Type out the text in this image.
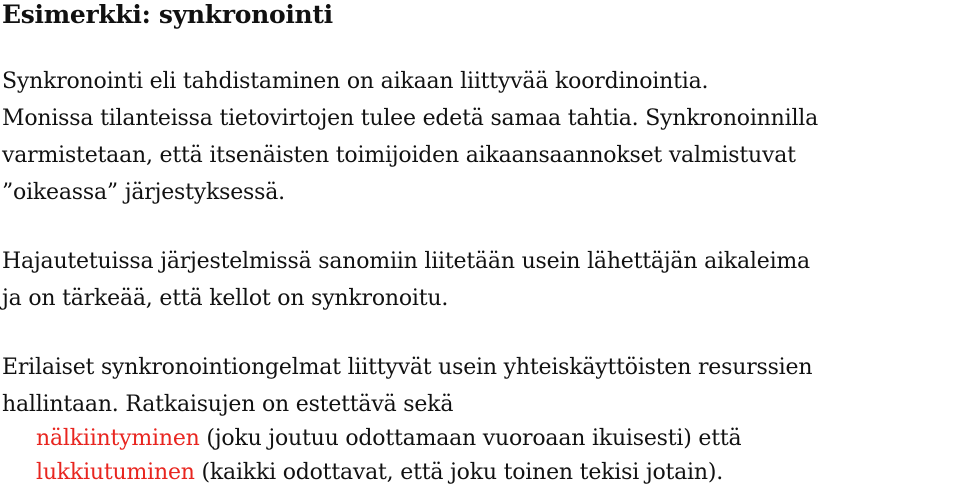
Esimerkki: synkronointi
Synkronointi eli tahdistaminen on aikaan liittyvää koordinointia.
Monissa tilanteissa tietovirtojen tulee edetä samaa tahtia. Synkronoinnilla
varmistetaan, että itsenäisten toimijoiden aikaansaannokset valmistuvat
”oikeassa” järjestyksessä.
Hajautetuissa järjestelmissä sanomiin liitetään usein lähettäjän aikaleima
ja on tärkeää, että kellot on synkronoitu.
Erilaiset synkronointiongelmat liittyvät usein yhteiskäyttöisten resurssien
hallintaan. Ratkaisujen on estettävä sekä
nälkiintyminen (joku joutuu odottamaan vuoroaan ikuisesti) että
lukkiutuminen (kaikki odottavat, että joku toinen tekisi jotain).
